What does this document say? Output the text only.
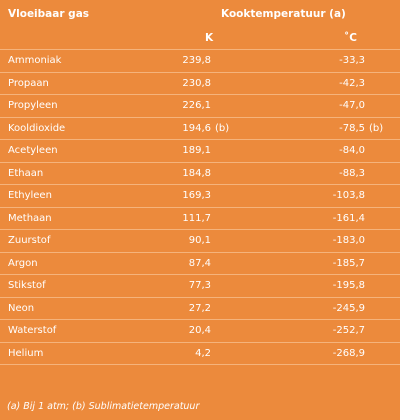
Vloeibaar gas	Kooktemperatuur (a)
K	˚C
Ammoniak	239,8	-33,3
Propaan	230,8	-42,3
Propyleen	226,1	-47,0
Kooldioxide	194,6 (b)	-78,5 (b)
Acetyleen	189,1	-84,0
Ethaan	184,8	-88,3
Ethyleen	169,3	-103,8
Methaan	111,7	-161,4
Zuurstof	90,1	-183,0
Argon	87,4	-185,7
Stikstof	77,3	-195,8
Neon	27,2	-245,9
Waterstof	20,4	-252,7
Helium	4,2	-268,9
(a) Bij 1 atm; (b) Sublimatietemperatuur
